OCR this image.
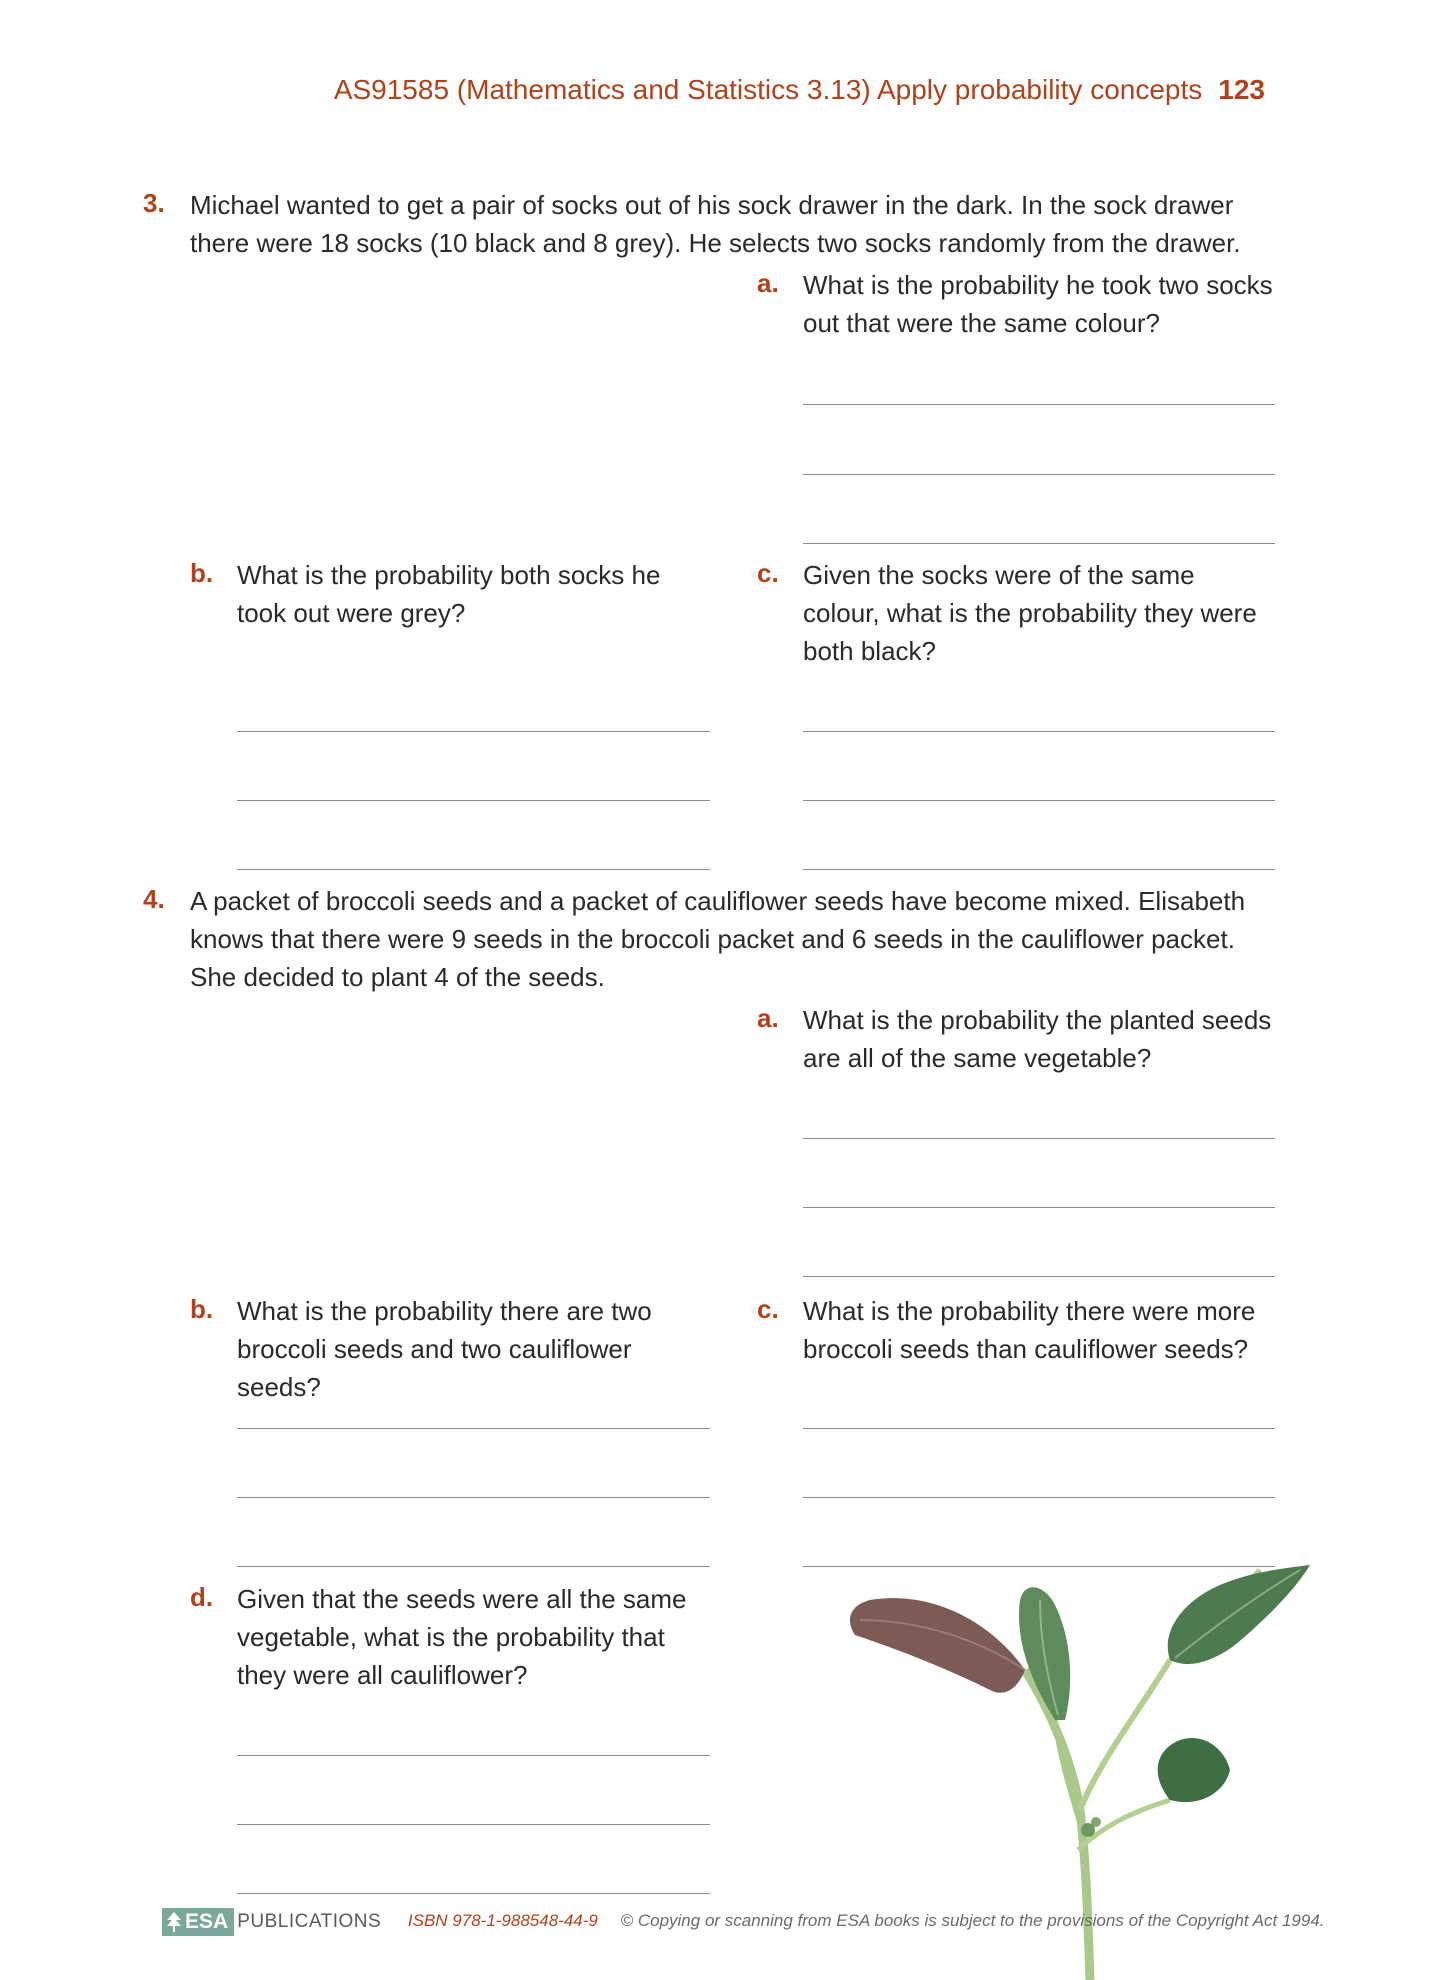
AS91585 (Mathematics and Statistics 3.13) Apply probability concepts 123
3. Michael wanted to get a pair of socks out of his sock drawer in the dark. In the sock drawer there were 18 socks (10 black and 8 grey). He selects two socks randomly from the drawer.
a. What is the probability he took two socks out that were the same colour?
b. What is the probability both socks he took out were grey?
c. Given the socks were of the same colour, what is the probability they were both black?
4. A packet of broccoli seeds and a packet of cauliflower seeds have become mixed. Elisabeth knows that there were 9 seeds in the broccoli packet and 6 seeds in the cauliflower packet. She decided to plant 4 of the seeds.
a. What is the probability the planted seeds are all of the same vegetable?
b. What is the probability there are two broccoli seeds and two cauliflower seeds?
c. What is the probability there were more broccoli seeds than cauliflower seeds?
d. Given that the seeds were all the same vegetable, what is the probability that they were all cauliflower?
ESA PUBLICATIONS ISBN 978-1-988548-44-9 © Copying or scanning from ESA books is subject to the provisions of the Copyright Act 1994.
